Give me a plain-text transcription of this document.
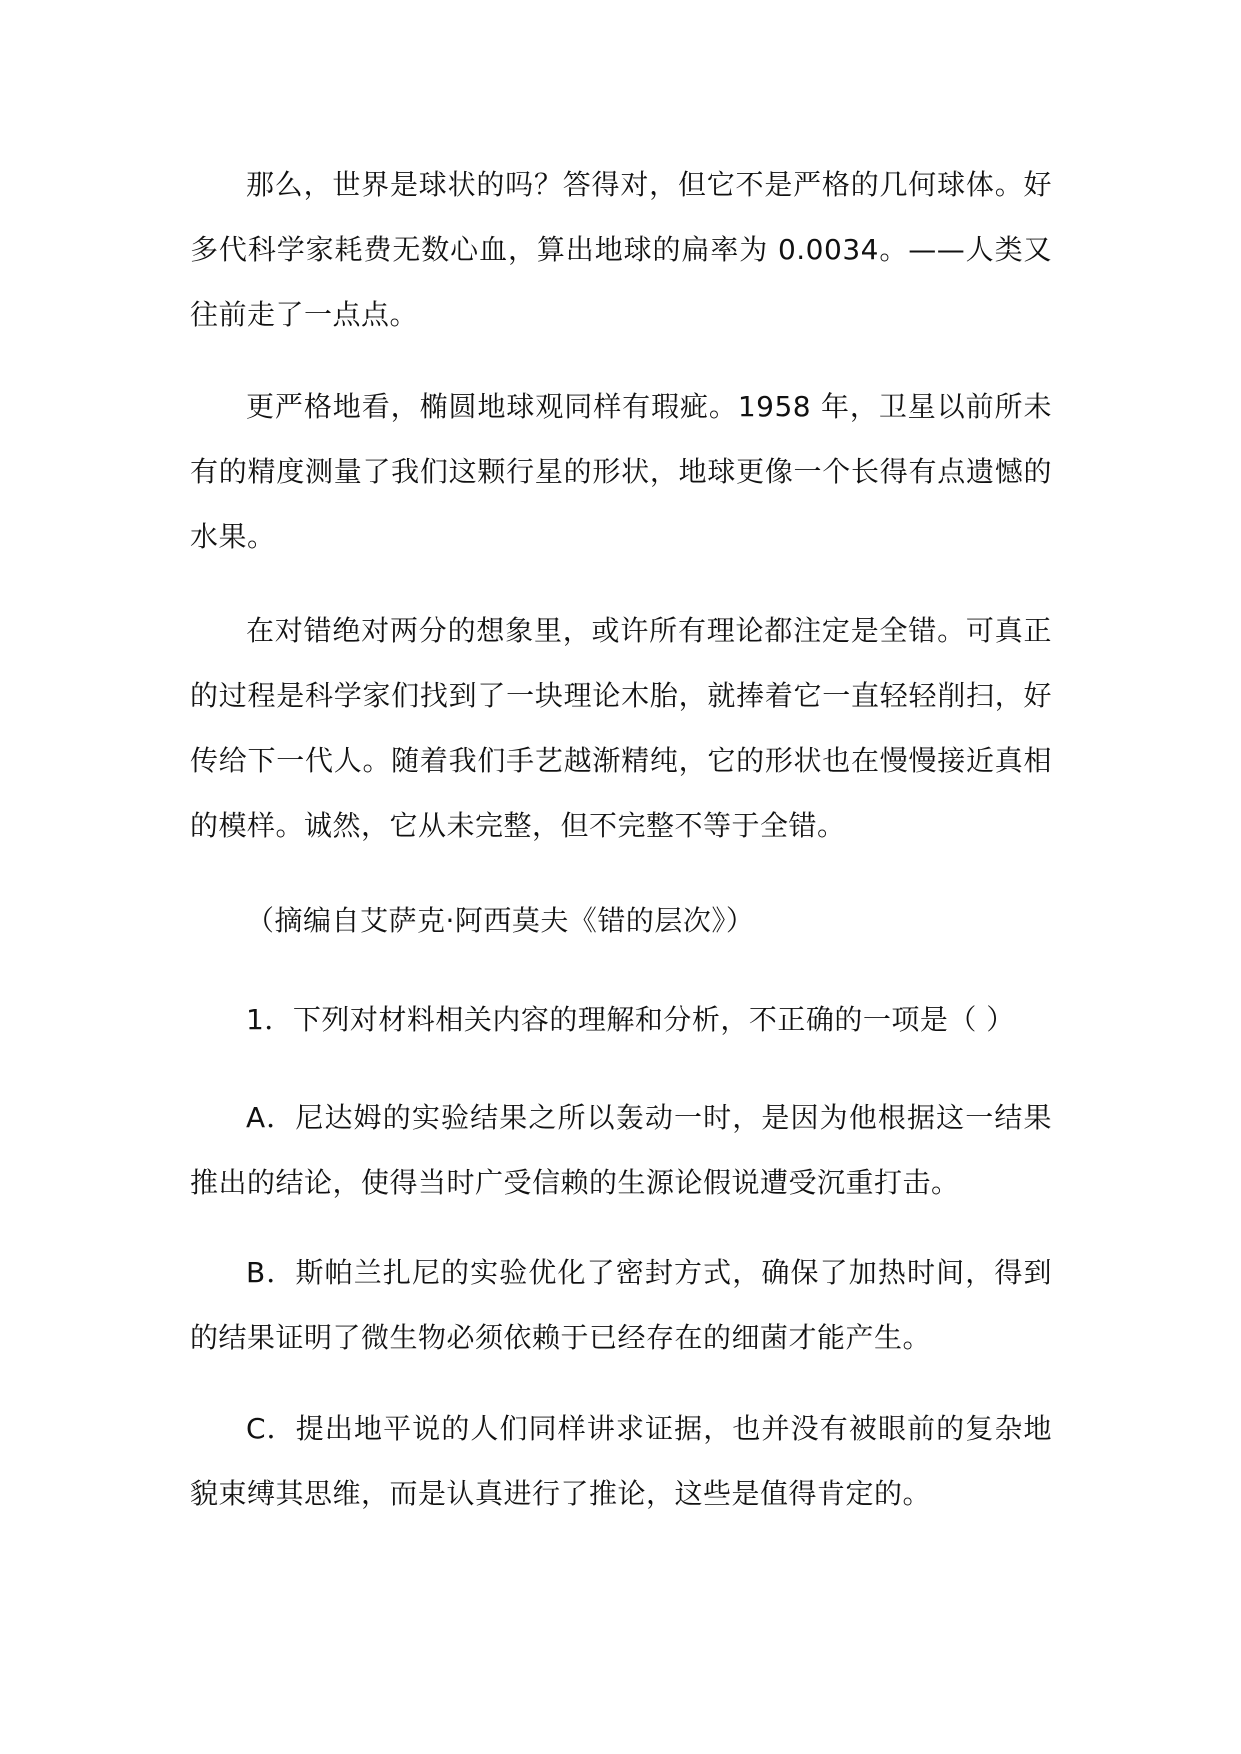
那么，世界是球状的吗？答得对，但它不是严格的几何球体。好多代科学家耗费无数心血，算出地球的扁率为 0.0034。——人类又往前走了一点点。

更严格地看，椭圆地球观同样有瑕疵。1958 年，卫星以前所未有的精度测量了我们这颗行星的形状，地球更像一个长得有点遗憾的水果。

在对错绝对两分的想象里，或许所有理论都注定是全错。可真正的过程是科学家们找到了一块理论木胎，就捧着它一直轻轻削扫，好传给下一代人。随着我们手艺越渐精纯，它的形状也在慢慢接近真相的模样。诚然，它从未完整，但不完整不等于全错。

（摘编自艾萨克·阿西莫夫《错的层次》）

1．下列对材料相关内容的理解和分析，不正确的一项是（ ）

A．尼达姆的实验结果之所以轰动一时，是因为他根据这一结果推出的结论，使得当时广受信赖的生源论假说遭受沉重打击。

B．斯帕兰扎尼的实验优化了密封方式，确保了加热时间，得到的结果证明了微生物必须依赖于已经存在的细菌才能产生。

C．提出地平说的人们同样讲求证据，也并没有被眼前的复杂地貌束缚其思维，而是认真进行了推论，这些是值得肯定的。
